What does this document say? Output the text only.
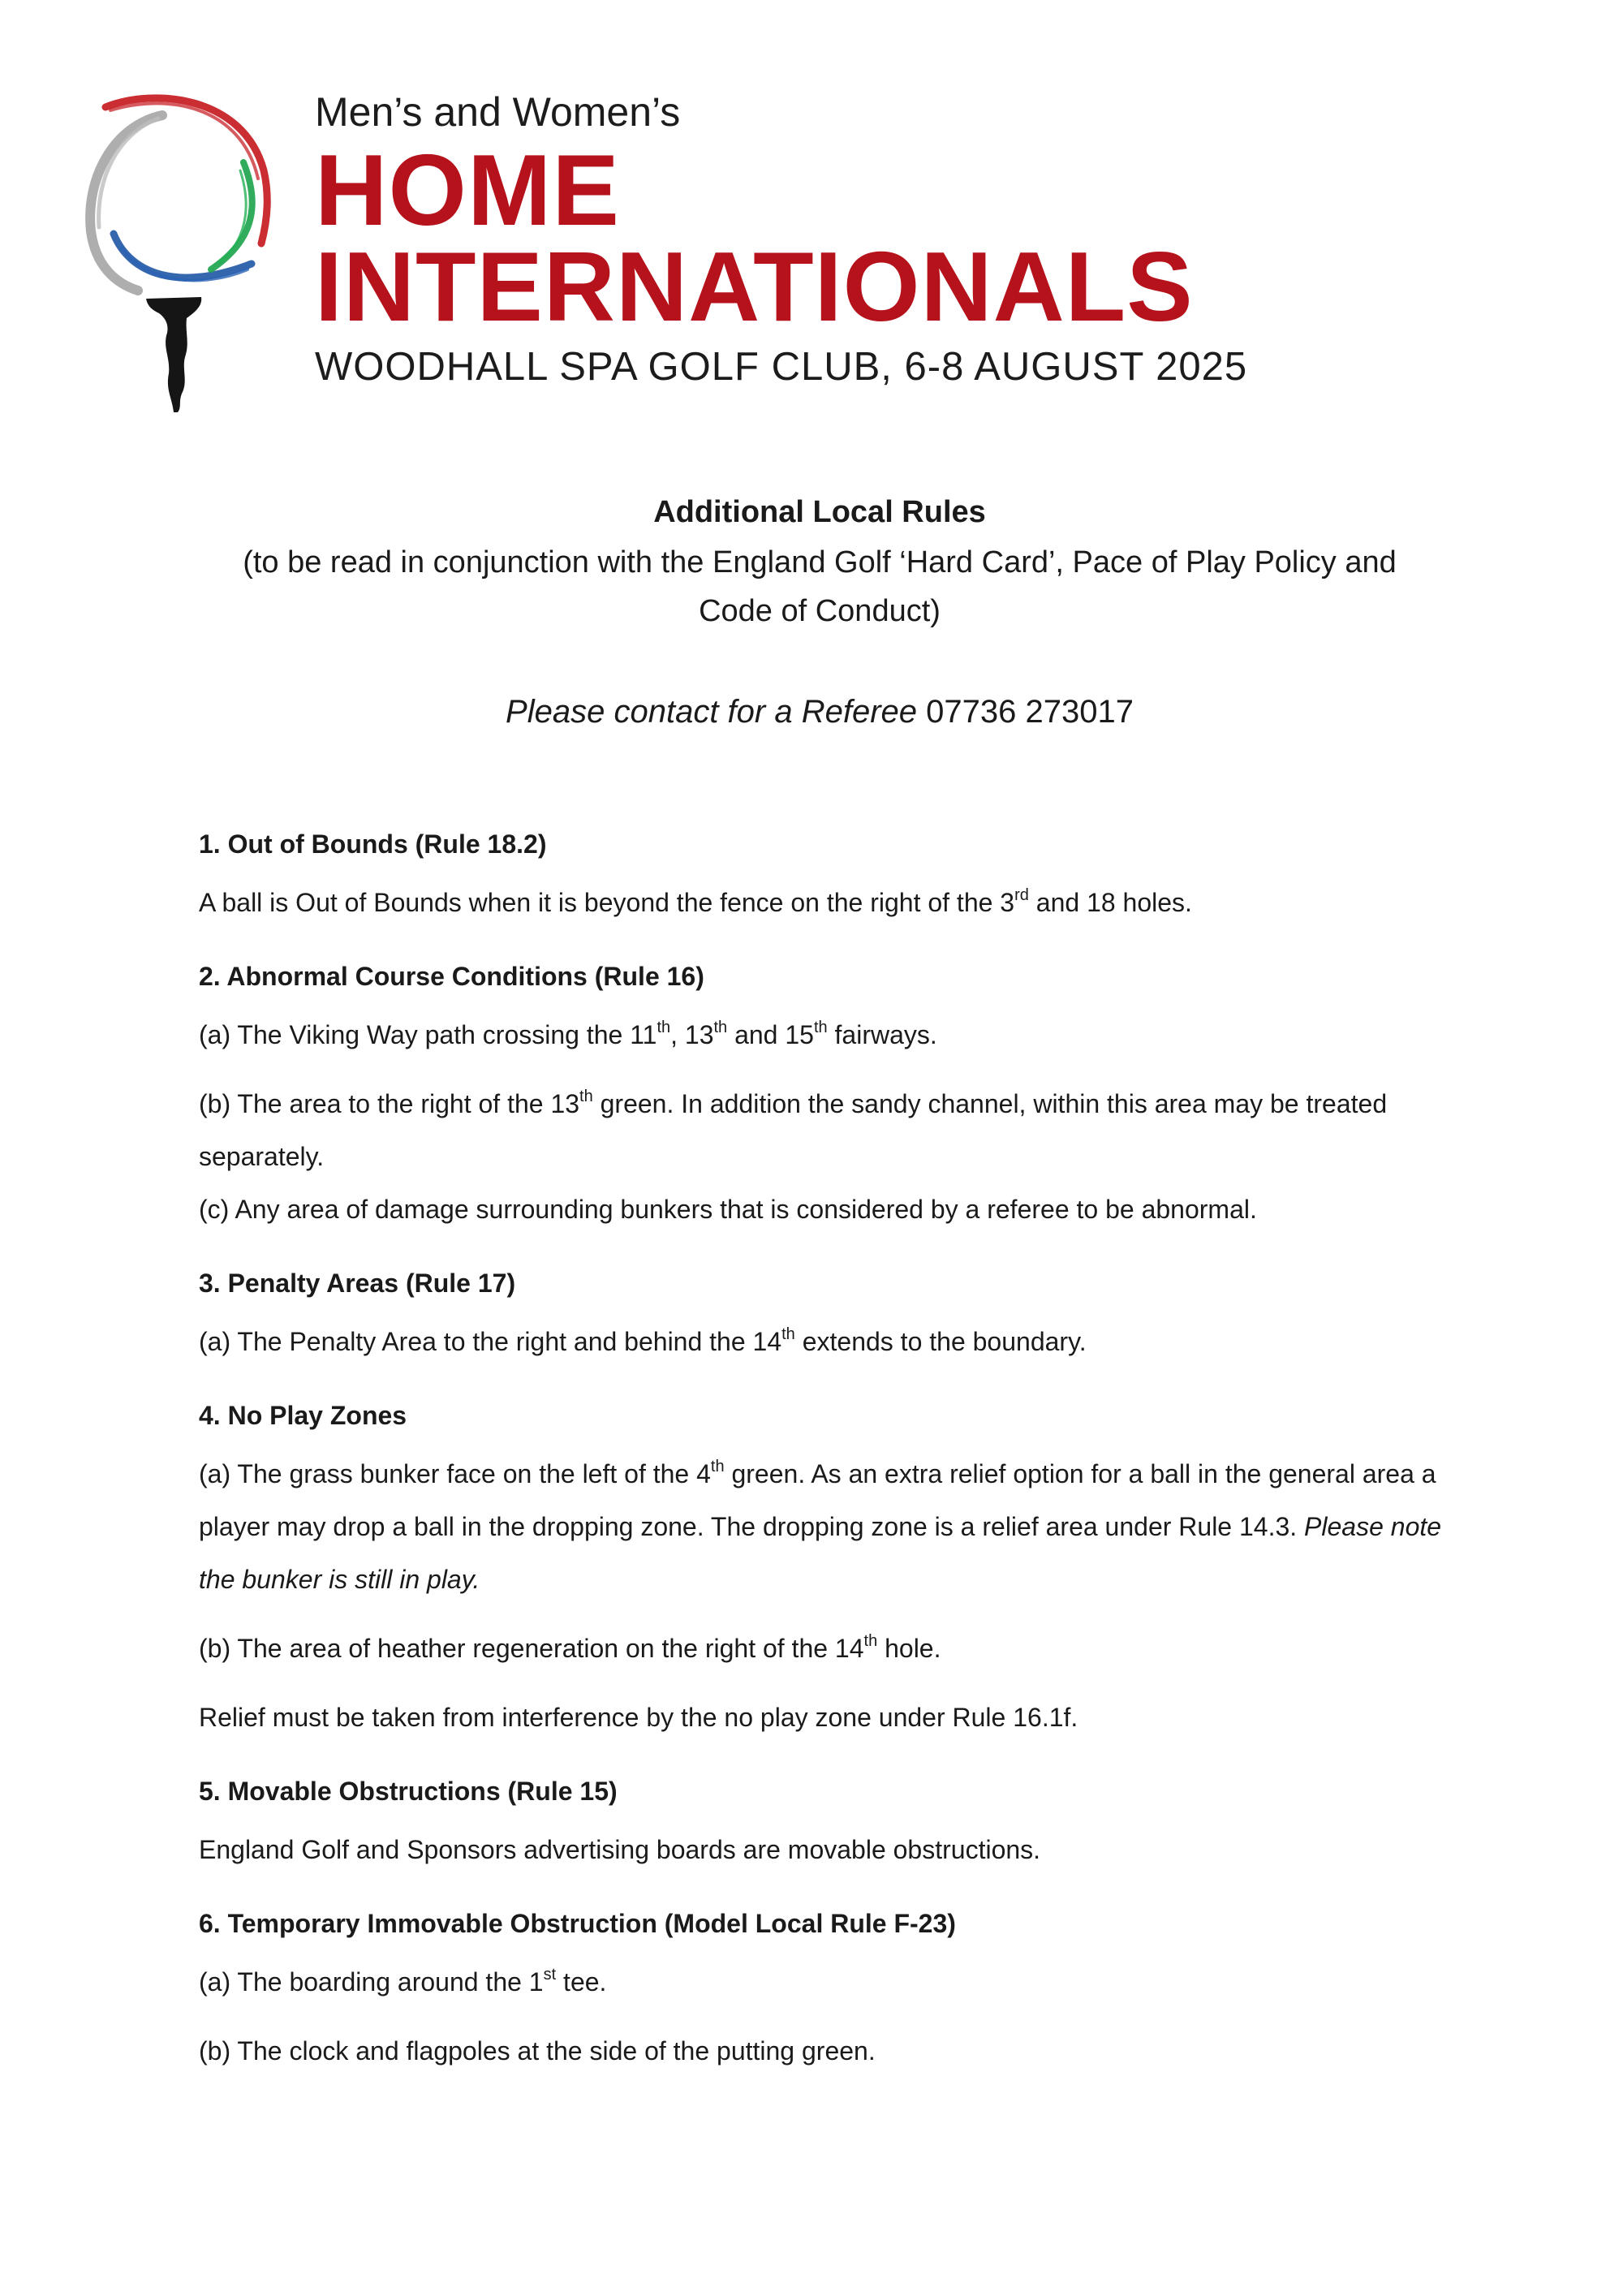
Men’s and Women’s
HOME
INTERNATIONALS
WOODHALL SPA GOLF CLUB, 6-8 AUGUST 2025
Additional Local Rules
(to be read in conjunction with the England Golf ‘Hard Card’, Pace of Play Policy and Code of Conduct)
Please contact for a Referee 07736 273017
1. Out of Bounds (Rule 18.2)

A ball is Out of Bounds when it is beyond the fence on the right of the 3rd and 18 holes.

2. Abnormal Course Conditions (Rule 16)

(a) The Viking Way path crossing the 11th, 13th and 15th fairways.

(b) The area to the right of the 13th green. In addition the sandy channel, within this area may be treated separately.

(c) Any area of damage surrounding bunkers that is considered by a referee to be abnormal.

3. Penalty Areas (Rule 17)

(a) The Penalty Area to the right and behind the 14th extends to the boundary.

4. No Play Zones

(a) The grass bunker face on the left of the 4th green. As an extra relief option for a ball in the general area a player may drop a ball in the dropping zone. The dropping zone is a relief area under Rule 14.3. Please note the bunker is still in play.

(b) The area of heather regeneration on the right of the 14th hole.

Relief must be taken from interference by the no play zone under Rule 16.1f.

5. Movable Obstructions (Rule 15)

England Golf and Sponsors advertising boards are movable obstructions.

6. Temporary Immovable Obstruction (Model Local Rule F-23)

(a) The boarding around the 1st tee.

(b) The clock and flagpoles at the side of the putting green.
